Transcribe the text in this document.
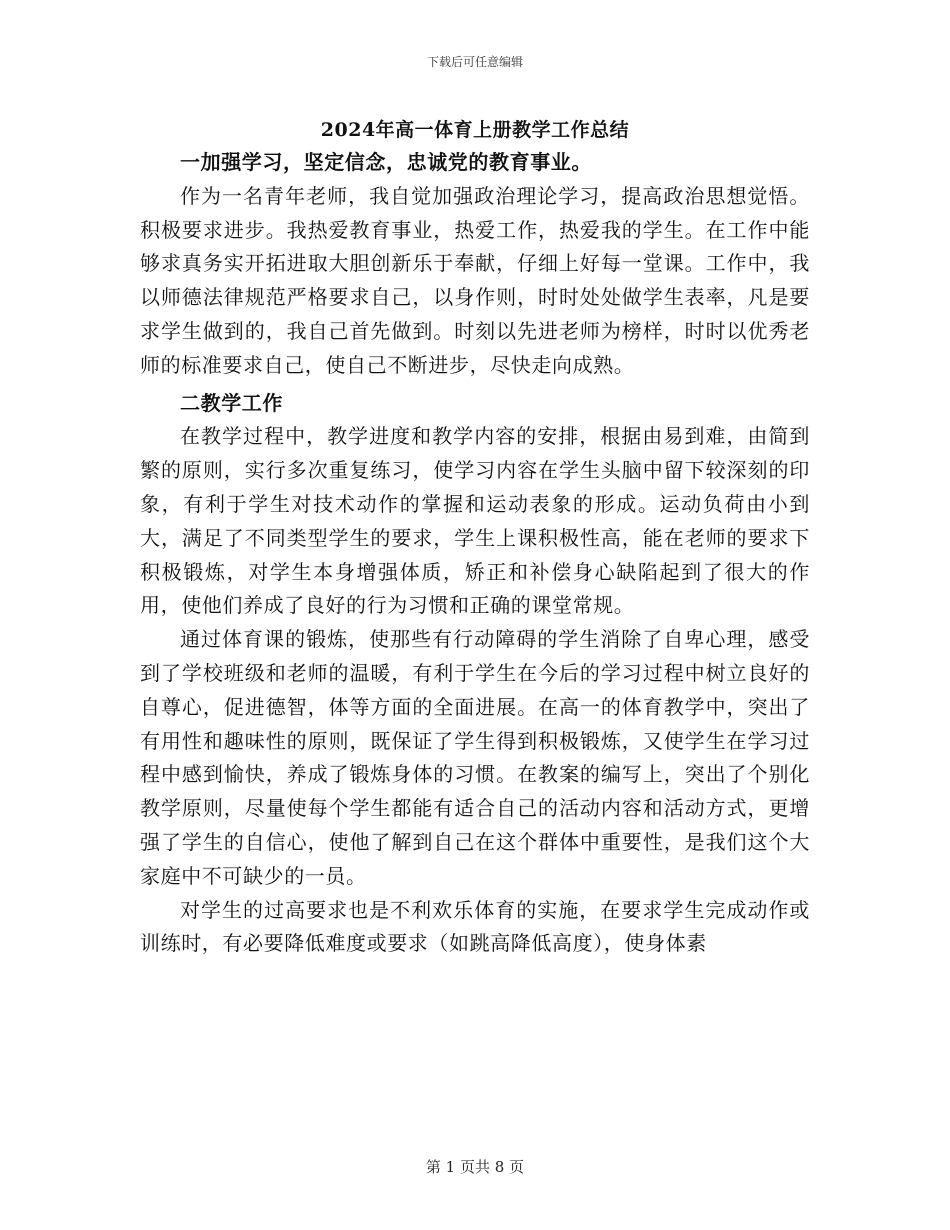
下载后可任意编辑
2024年高一体育上册教学工作总结
一加强学习，坚定信念，忠诚党的教育事业。

作为一名青年老师，我自觉加强政治理论学习，提高政治思想觉悟。积极要求进步。我热爱教育事业，热爱工作，热爱我的学生。在工作中能够求真务实开拓进取大胆创新乐于奉献，仔细上好每一堂课。工作中，我以师德法律规范严格要求自己，以身作则，时时处处做学生表率，凡是要求学生做到的，我自己首先做到。时刻以先进老师为榜样，时时以优秀老师的标准要求自己，使自己不断进步，尽快走向成熟。

二教学工作

在教学过程中，教学进度和教学内容的安排，根据由易到难，由简到繁的原则，实行多次重复练习，使学习内容在学生头脑中留下较深刻的印象，有利于学生对技术动作的掌握和运动表象的形成。运动负荷由小到大，满足了不同类型学生的要求，学生上课积极性高，能在老师的要求下积极锻炼，对学生本身增强体质，矫正和补偿身心缺陷起到了很大的作用，使他们养成了良好的行为习惯和正确的课堂常规。

通过体育课的锻炼，使那些有行动障碍的学生消除了自卑心理，感受到了学校班级和老师的温暖，有利于学生在今后的学习过程中树立良好的自尊心，促进德智，体等方面的全面进展。在高一的体育教学中，突出了有用性和趣味性的原则，既保证了学生得到积极锻炼，又使学生在学习过程中感到愉快，养成了锻炼身体的习惯。在教案的编写上，突出了个别化教学原则，尽量使每个学生都能有适合自己的活动内容和活动方式，更增强了学生的自信心，使他了解到自己在这个群体中重要性，是我们这个大家庭中不可缺少的一员。

对学生的过高要求也是不利欢乐体育的实施，在要求学生完成动作或训练时，有必要降低难度或要求（如跳高降低高度），使身体素

第 1 页共 8 页
